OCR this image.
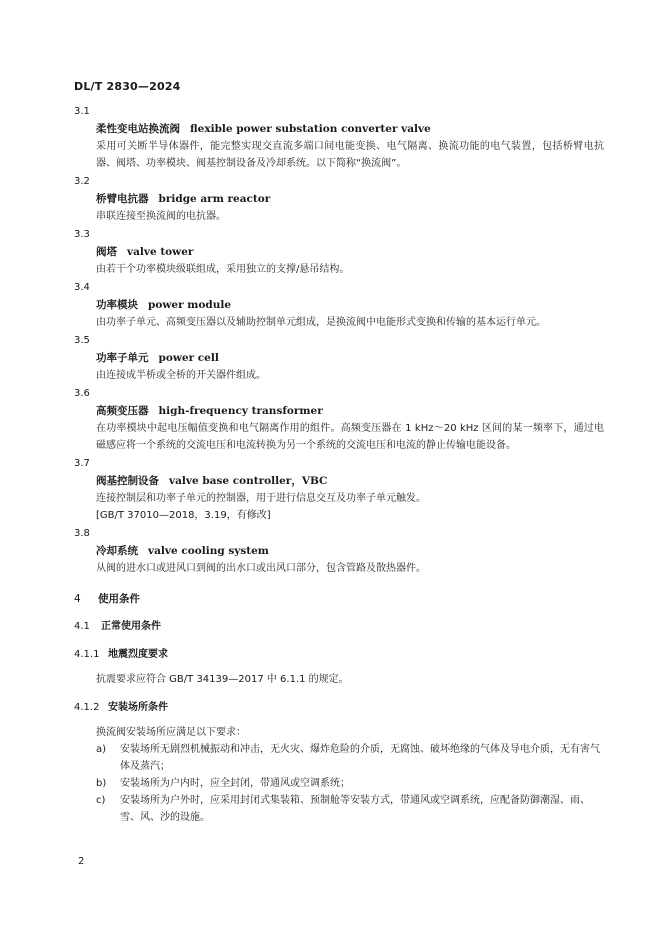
DL/T 2830—2024
3.1
柔性变电站换流阀 flexible power substation converter valve
采用可关断半导体器件，能完整实现交直流多端口间电能变换、电气隔离、换流功能的电气装置，包括桥臂电抗器、阀塔、功率模块、阀基控制设备及冷却系统。以下简称“换流阀”。
3.2
桥臂电抗器 bridge arm reactor
串联连接至换流阀的电抗器。
3.3
阀塔 valve tower
由若干个功率模块级联组成，采用独立的支撑/悬吊结构。
3.4
功率模块 power module
由功率子单元、高频变压器以及辅助控制单元组成，是换流阀中电能形式变换和传输的基本运行单元。
3.5
功率子单元 power cell
由连接成半桥或全桥的开关器件组成。
3.6
高频变压器 high-frequency transformer
在功率模块中起电压幅值变换和电气隔离作用的组件。高频变压器在 1 kHz～20 kHz 区间的某一频率下，通过电磁感应将一个系统的交流电压和电流转换为另一个系统的交流电压和电流的静止传输电能设备。
3.7
阀基控制设备 valve base controller，VBC
连接控制层和功率子单元的控制器，用于进行信息交互及功率子单元触发。
[GB/T 37010—2018，3.19，有修改]
3.8
冷却系统 valve cooling system
从阀的进水口或进风口到阀的出水口或出风口部分，包含管路及散热器件。
4 使用条件
4.1 正常使用条件
4.1.1 地震烈度要求
抗震要求应符合 GB/T 34139—2017 中 6.1.1 的规定。
4.1.2 安装场所条件
换流阀安装场所应满足以下要求：
a)	安装场所无剧烈机械振动和冲击，无火灾、爆炸危险的介质，无腐蚀、破坏绝缘的气体及导电介质，无有害气体及蒸汽；
b)	安装场所为户内时，应全封闭，带通风或空调系统；
c)	安装场所为户外时，应采用封闭式集装箱、预制舱等安装方式，带通风或空调系统，应配备防御潮湿、雨、雪、风、沙的设施。
2
